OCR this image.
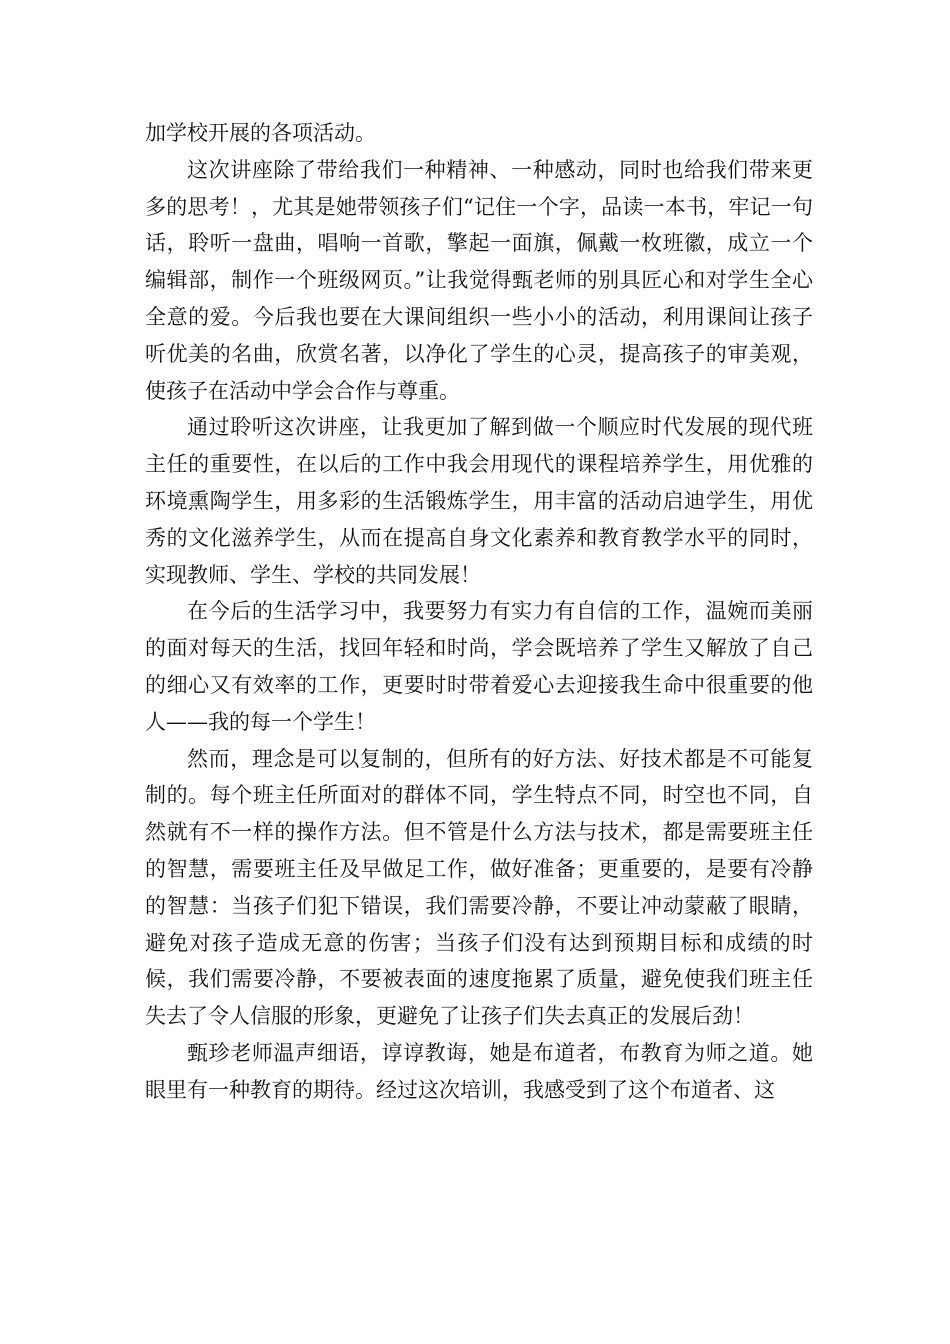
加学校开展的各项活动。

这次讲座除了带给我们一种精神、一种感动，同时也给我们带来更多的思考！，尤其是她带领孩子们“记住一个字，品读一本书，牢记一句话，聆听一盘曲，唱响一首歌，擎起一面旗，佩戴一枚班徽，成立一个编辑部，制作一个班级网页。”让我觉得甄老师的别具匠心和对学生全心全意的爱。今后我也要在大课间组织一些小小的活动，利用课间让孩子听优美的名曲，欣赏名著，以净化了学生的心灵，提高孩子的审美观，使孩子在活动中学会合作与尊重。

通过聆听这次讲座，让我更加了解到做一个顺应时代发展的现代班主任的重要性，在以后的工作中我会用现代的课程培养学生，用优雅的环境熏陶学生，用多彩的生活锻炼学生，用丰富的活动启迪学生，用优秀的文化滋养学生，从而在提高自身文化素养和教育教学水平的同时，实现教师、学生、学校的共同发展！

在今后的生活学习中，我要努力有实力有自信的工作，温婉而美丽的面对每天的生活，找回年轻和时尚，学会既培养了学生又解放了自己的细心又有效率的工作，更要时时带着爱心去迎接我生命中很重要的他人——我的每一个学生！

然而，理念是可以复制的，但所有的好方法、好技术都是不可能复制的。每个班主任所面对的群体不同，学生特点不同，时空也不同，自然就有不一样的操作方法。但不管是什么方法与技术，都是需要班主任的智慧，需要班主任及早做足工作，做好准备；更重要的，是要有冷静的智慧：当孩子们犯下错误，我们需要冷静，不要让冲动蒙蔽了眼睛，避免对孩子造成无意的伤害；当孩子们没有达到预期目标和成绩的时候，我们需要冷静，不要被表面的速度拖累了质量，避免使我们班主任失去了令人信服的形象，更避免了让孩子们失去真正的发展后劲！

甄珍老师温声细语，谆谆教诲，她是布道者，布教育为师之道。她眼里有一种教育的期待。经过这次培训，我感受到了这个布道者、这
